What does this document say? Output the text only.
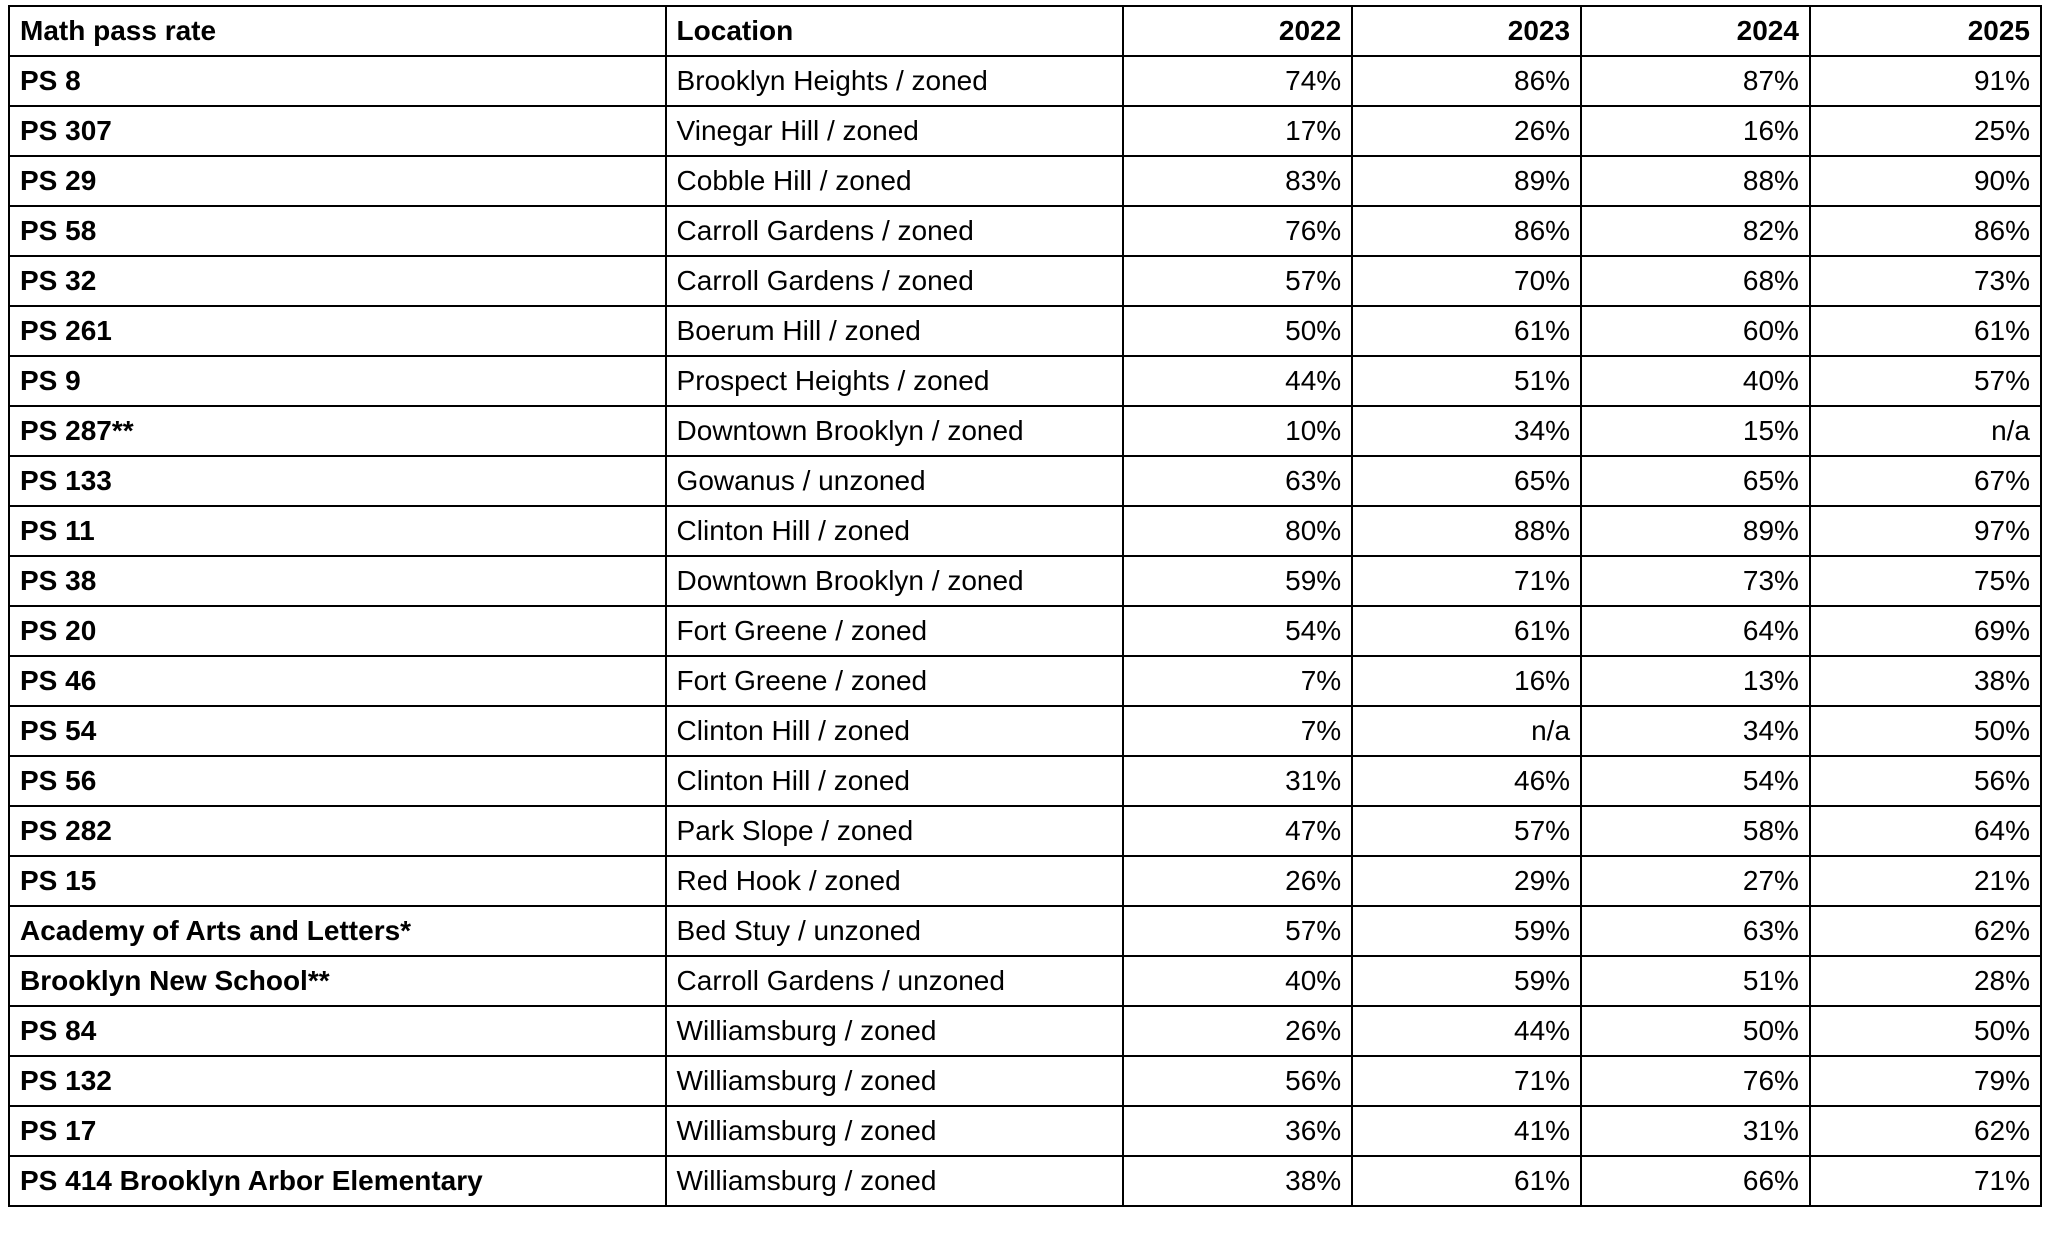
Math pass rate	Location	2022	2023	2024	2025
PS 8	Brooklyn Heights / zoned	74%	86%	87%	91%
PS 307	Vinegar Hill / zoned	17%	26%	16%	25%
PS 29	Cobble Hill / zoned	83%	89%	88%	90%
PS 58	Carroll Gardens / zoned	76%	86%	82%	86%
PS 32	Carroll Gardens / zoned	57%	70%	68%	73%
PS 261	Boerum Hill / zoned	50%	61%	60%	61%
PS 9	Prospect Heights / zoned	44%	51%	40%	57%
PS 287**	Downtown Brooklyn / zoned	10%	34%	15%	n/a
PS 133	Gowanus / unzoned	63%	65%	65%	67%
PS 11	Clinton Hill / zoned	80%	88%	89%	97%
PS 38	Downtown Brooklyn / zoned	59%	71%	73%	75%
PS 20	Fort Greene / zoned	54%	61%	64%	69%
PS 46	Fort Greene / zoned	7%	16%	13%	38%
PS 54	Clinton Hill / zoned	7%	n/a	34%	50%
PS 56	Clinton Hill / zoned	31%	46%	54%	56%
PS 282	Park Slope / zoned	47%	57%	58%	64%
PS 15	Red Hook / zoned	26%	29%	27%	21%
Academy of Arts and Letters*	Bed Stuy / unzoned	57%	59%	63%	62%
Brooklyn New School**	Carroll Gardens / unzoned	40%	59%	51%	28%
PS 84	Williamsburg / zoned	26%	44%	50%	50%
PS 132	Williamsburg / zoned	56%	71%	76%	79%
PS 17	Williamsburg / zoned	36%	41%	31%	62%
PS 414 Brooklyn Arbor Elementary	Williamsburg / zoned	38%	61%	66%	71%
